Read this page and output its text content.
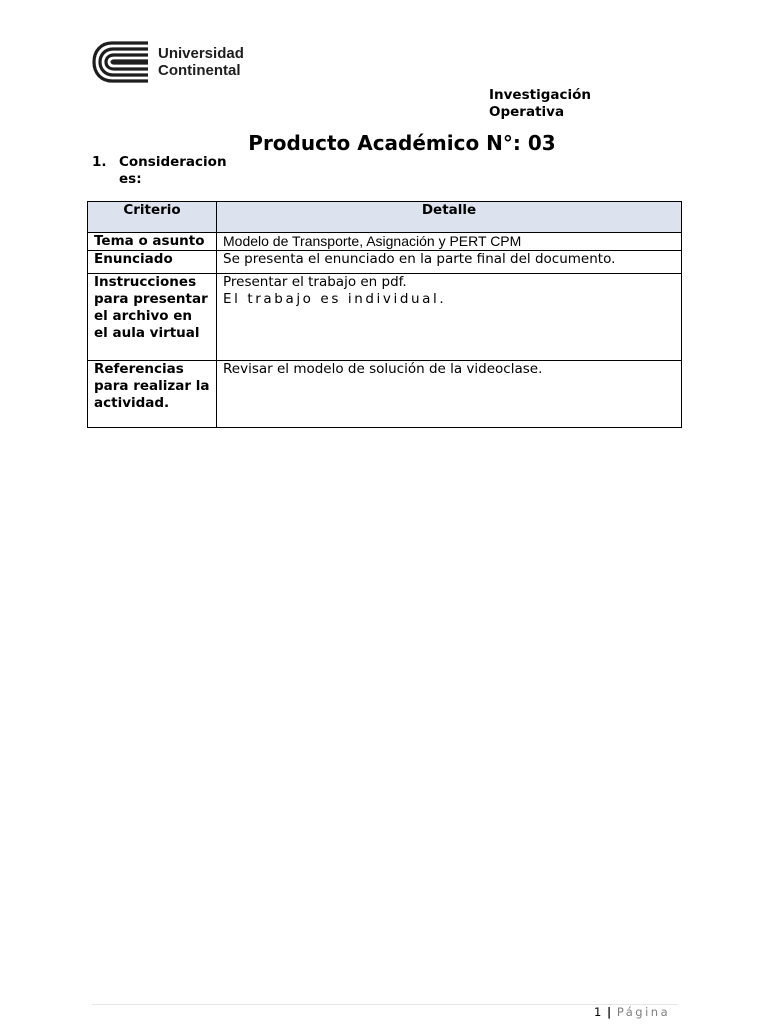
Universidad
Continental
Investigación
Operativa
Producto Académico N°: 03
1. Consideraciones:
Criterio	Detalle
Tema o asunto	Modelo de Transporte, Asignación y PERT CPM
Enunciado	Se presenta el enunciado en la parte final del documento.
Instrucciones para presentar el archivo en el aula virtual	Presentar el trabajo en pdf.
El trabajo es individual.

Referencias para realizar la actividad.	Revisar el modelo de solución de la videoclase.
1 | Página
